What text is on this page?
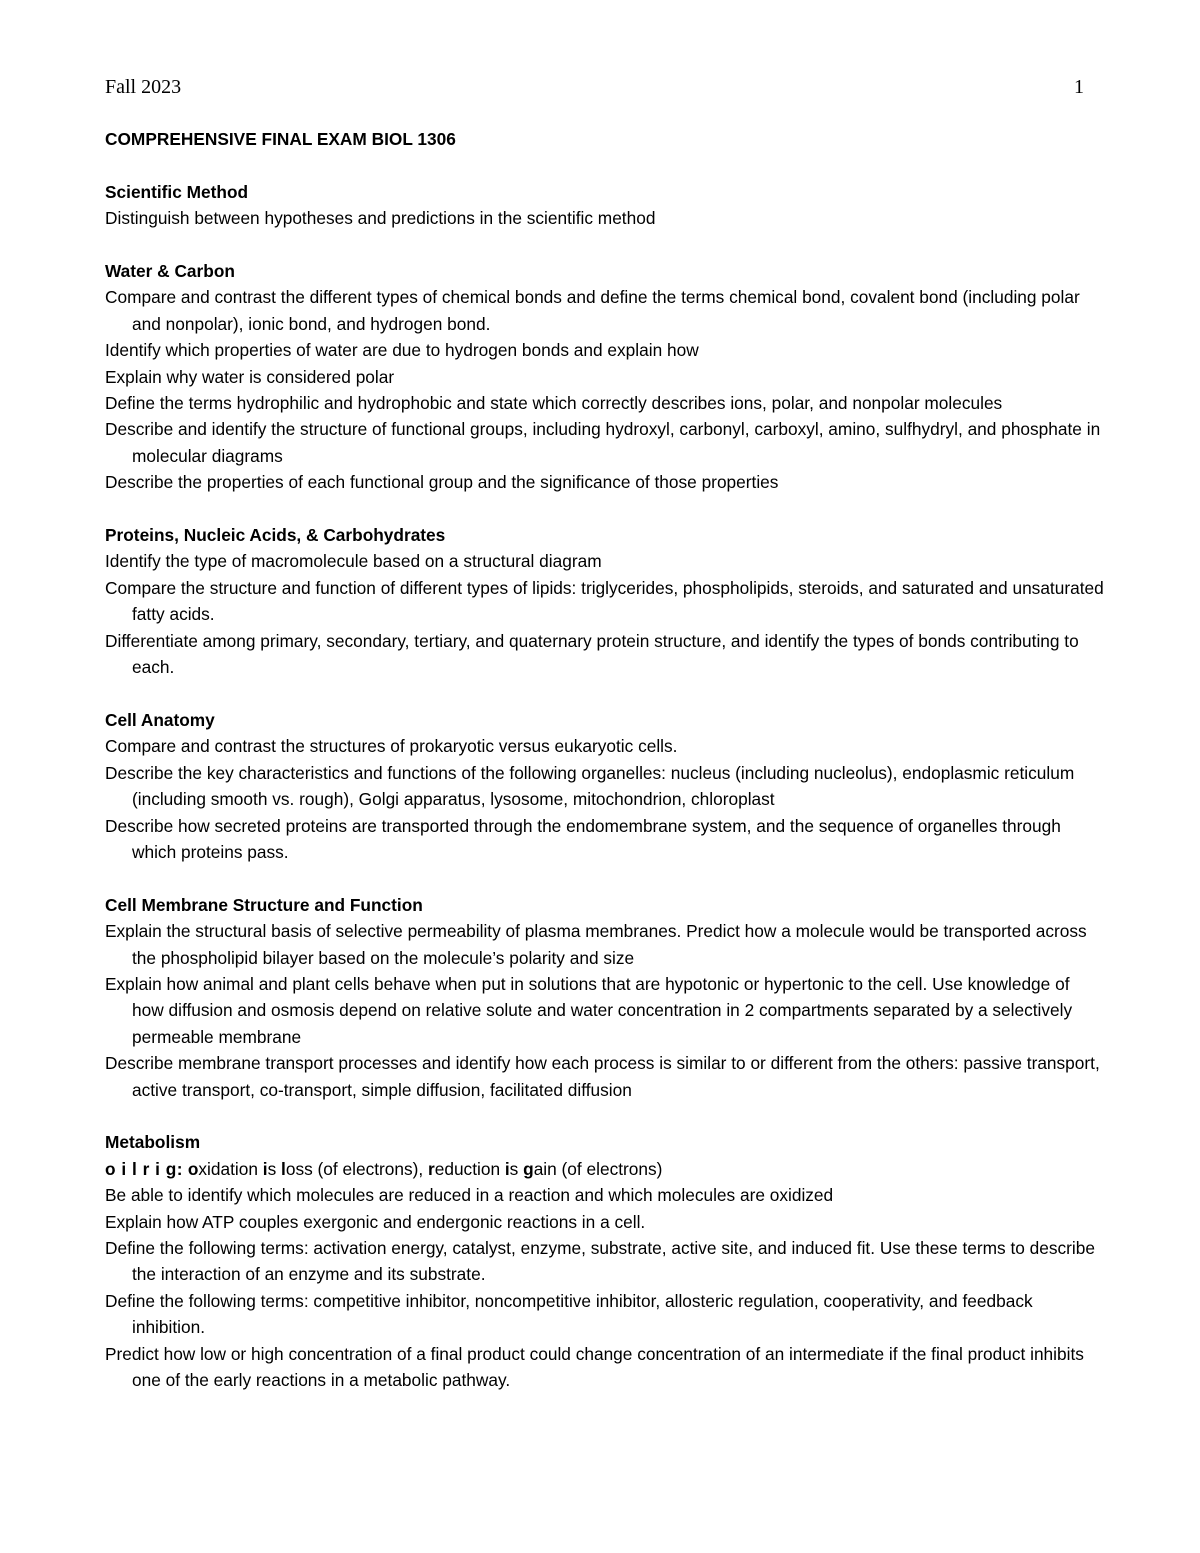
Fall 2023	1
COMPREHENSIVE FINAL EXAM BIOL 1306
Scientific Method
Distinguish between hypotheses and predictions in the scientific method
Water & Carbon
Compare and contrast the different types of chemical bonds and define the terms chemical bond, covalent bond (including polar and nonpolar), ionic bond, and hydrogen bond.
Identify which properties of water are due to hydrogen bonds and explain how
Explain why water is considered polar
Define the terms hydrophilic and hydrophobic and state which correctly describes ions, polar, and nonpolar molecules
Describe and identify the structure of functional groups, including hydroxyl, carbonyl, carboxyl, amino, sulfhydryl, and phosphate in molecular diagrams
Describe the properties of each functional group and the significance of those properties
Proteins, Nucleic Acids, & Carbohydrates
Identify the type of macromolecule based on a structural diagram
Compare the structure and function of different types of lipids: triglycerides, phospholipids, steroids, and saturated and unsaturated fatty acids.
Differentiate among primary, secondary, tertiary, and quaternary protein structure, and identify the types of bonds contributing to each.
Cell Anatomy
Compare and contrast the structures of prokaryotic versus eukaryotic cells.
Describe the key characteristics and functions of the following organelles: nucleus (including nucleolus), endoplasmic reticulum (including smooth vs. rough), Golgi apparatus, lysosome, mitochondrion, chloroplast
Describe how secreted proteins are transported through the endomembrane system, and the sequence of organelles through which proteins pass.
Cell Membrane Structure and Function
Explain the structural basis of selective permeability of plasma membranes. Predict how a molecule would be transported across the phospholipid bilayer based on the molecule’s polarity and size
Explain how animal and plant cells behave when put in solutions that are hypotonic or hypertonic to the cell. Use knowledge of how diffusion and osmosis depend on relative solute and water concentration in 2 compartments separated by a selectively permeable membrane
Describe membrane transport processes and identify how each process is similar to or different from the others: passive transport, active transport, co-transport, simple diffusion, facilitated diffusion
Metabolism
o i l r i g: oxidation is loss (of electrons), reduction is gain (of electrons)
Be able to identify which molecules are reduced in a reaction and which molecules are oxidized
Explain how ATP couples exergonic and endergonic reactions in a cell.
Define the following terms: activation energy, catalyst, enzyme, substrate, active site, and induced fit. Use these terms to describe the interaction of an enzyme and its substrate.
Define the following terms: competitive inhibitor, noncompetitive inhibitor, allosteric regulation, cooperativity, and feedback inhibition.
Predict how low or high concentration of a final product could change concentration of an intermediate if the final product inhibits one of the early reactions in a metabolic pathway.
